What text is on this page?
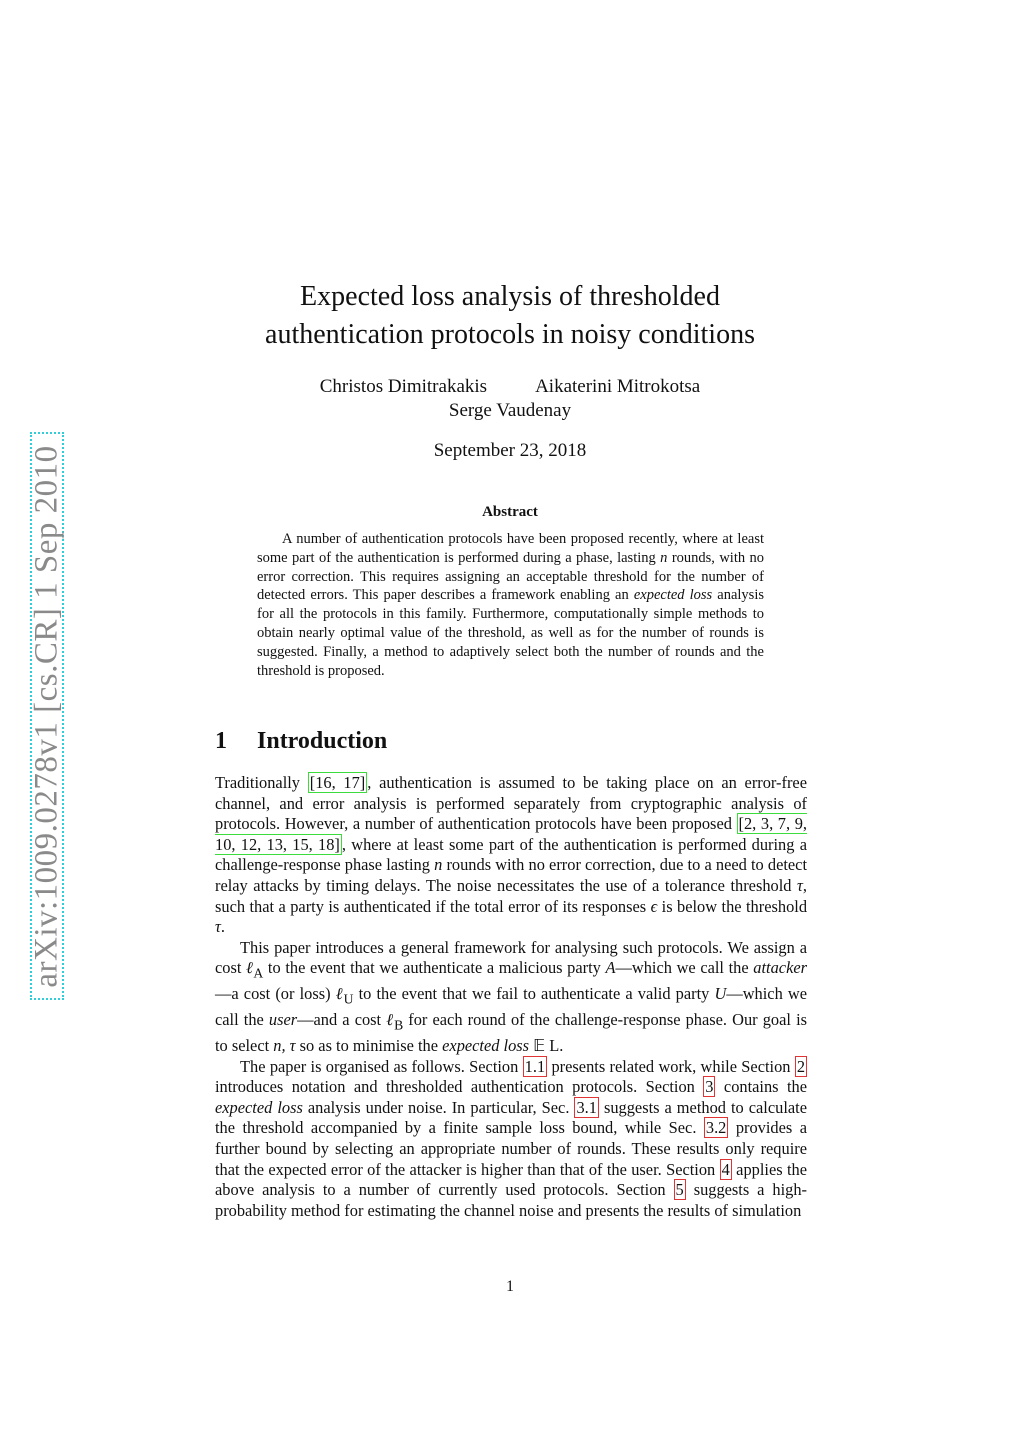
arXiv:1009.0278v1 [cs.CR] 1 Sep 2010
Expected loss analysis of thresholded
authentication protocols in noisy conditions
Christos Dimitrakakis	Aikaterini Mitrokotsa
Serge Vaudenay
September 23, 2018
Abstract

A number of authentication protocols have been proposed recently, where at least some part of the authentication is performed during a phase, lasting n rounds, with no error correction. This requires assigning an acceptable threshold for the number of detected errors. This paper describes a framework enabling an expected loss analysis for all the protocols in this family. Furthermore, computationally simple methods to obtain nearly optimal value of the threshold, as well as for the number of rounds is suggested. Finally, a method to adaptively select both the number of rounds and the threshold is proposed.

1 Introduction

Traditionally [16, 17] , authentication is assumed to be taking place on an error-free channel, and error analysis is performed separately from cryptographic analysis of protocols. However, a number of authentication protocols have been proposed [2, 3, 7, 9, 10, 12, 13, 15, 18] , where at least some part of the authentication is performed during a challenge-response phase lasting n rounds with no error correction, due to a need to detect relay attacks by timing delays. The noise necessitates the use of a tolerance threshold τ, such that a party is authenticated if the total error of its responses ϵ is below the threshold τ.

This paper introduces a general framework for analysing such protocols. We assign a cost ℓ$_A$ to the event that we authenticate a malicious party A—which we call the attacker—a cost (or loss) ℓ$_U$ to the event that we fail to authenticate a valid party U—which we call the user—and a cost ℓ$_B$ for each round of the challenge-response phase. Our goal is to select n, τ so as to minimise the expected loss 𝔼 L.

The paper is organised as follows. Section 1.1 presents related work, while Section 2 introduces notation and thresholded authentication protocols. Section 3 contains the expected loss analysis under noise. In particular, Sec. 3.1 suggests a method to calculate the threshold accompanied by a finite sample loss bound, while Sec. 3.2 provides a further bound by selecting an appropriate number of rounds. These results only require that the expected error of the attacker is higher than that of the user. Section 4 applies the above analysis to a number of currently used protocols. Section 5 suggests a high-probability method for estimating the channel noise and presents the results of simulation

1
